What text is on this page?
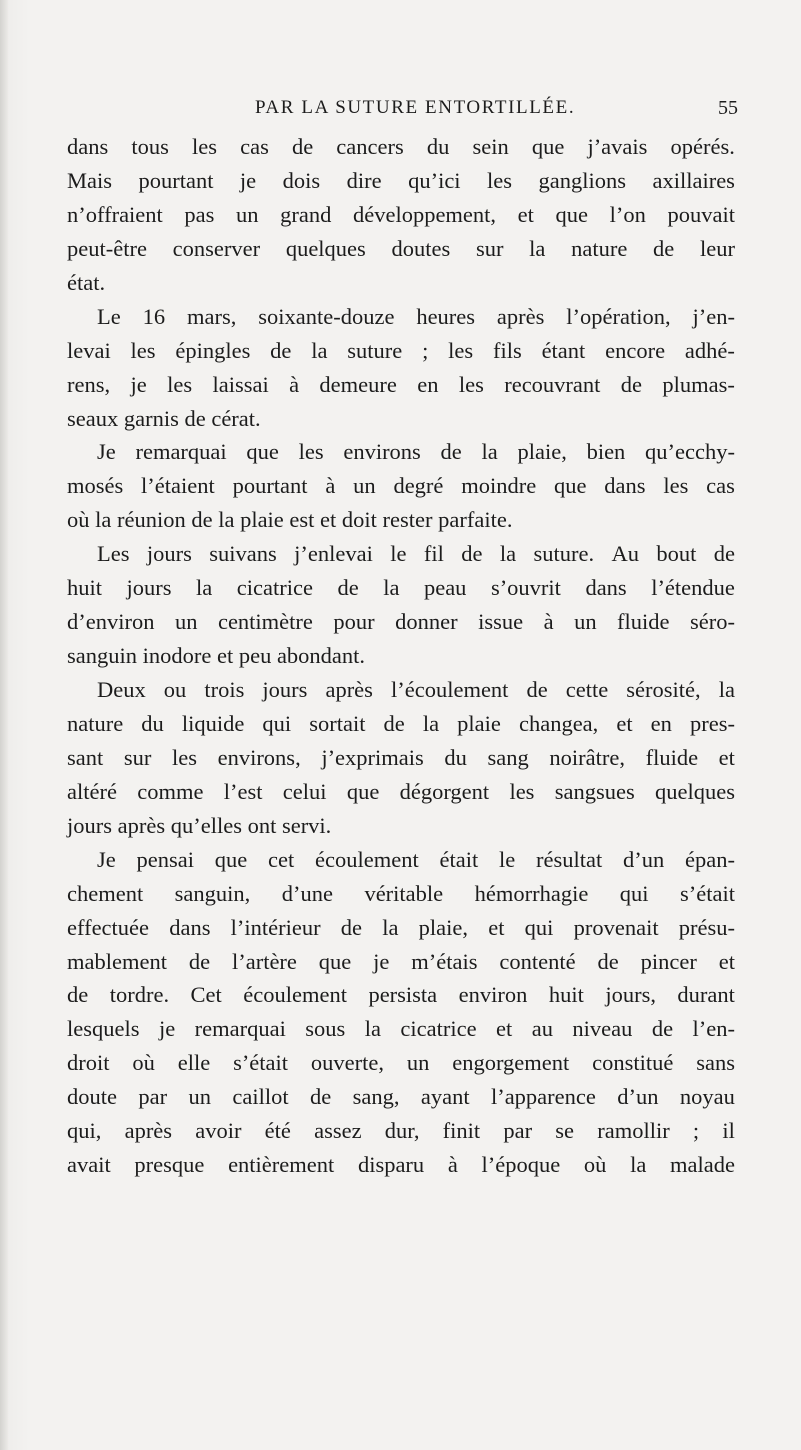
PAR LA SUTURE ENTORTILLÉE.	55
dans tous les cas de cancers du sein que j’avais opérés.
Mais pourtant je dois dire qu’ici les ganglions axillaires
n’offraient pas un grand développement, et que l’on pouvait
peut-être conserver quelques doutes sur la nature de leur
état.
Le 16 mars, soixante-douze heures après l’opération, j’en-
levai les épingles de la suture ; les fils étant encore adhé-
rens, je les laissai à demeure en les recouvrant de plumas-
seaux garnis de cérat.
Je remarquai que les environs de la plaie, bien qu’ecchy-
mosés l’étaient pourtant à un degré moindre que dans les cas
où la réunion de la plaie est et doit rester parfaite.
Les jours suivans j’enlevai le fil de la suture. Au bout de
huit jours la cicatrice de la peau s’ouvrit dans l’étendue
d’environ un centimètre pour donner issue à un fluide séro-
sanguin inodore et peu abondant.
Deux ou trois jours après l’écoulement de cette sérosité, la
nature du liquide qui sortait de la plaie changea, et en pres-
sant sur les environs, j’exprimais du sang noirâtre, fluide et
altéré comme l’est celui que dégorgent les sangsues quelques
jours après qu’elles ont servi.
Je pensai que cet écoulement était le résultat d’un épan-
chement sanguin, d’une véritable hémorrhagie qui s’était
effectuée dans l’intérieur de la plaie, et qui provenait présu-
mablement de l’artère que je m’étais contenté de pincer et
de tordre. Cet écoulement persista environ huit jours, durant
lesquels je remarquai sous la cicatrice et au niveau de l’en-
droit où elle s’était ouverte, un engorgement constitué sans
doute par un caillot de sang, ayant l’apparence d’un noyau
qui, après avoir été assez dur, finit par se ramollir ; il
avait presque entièrement disparu à l’époque où la malade
